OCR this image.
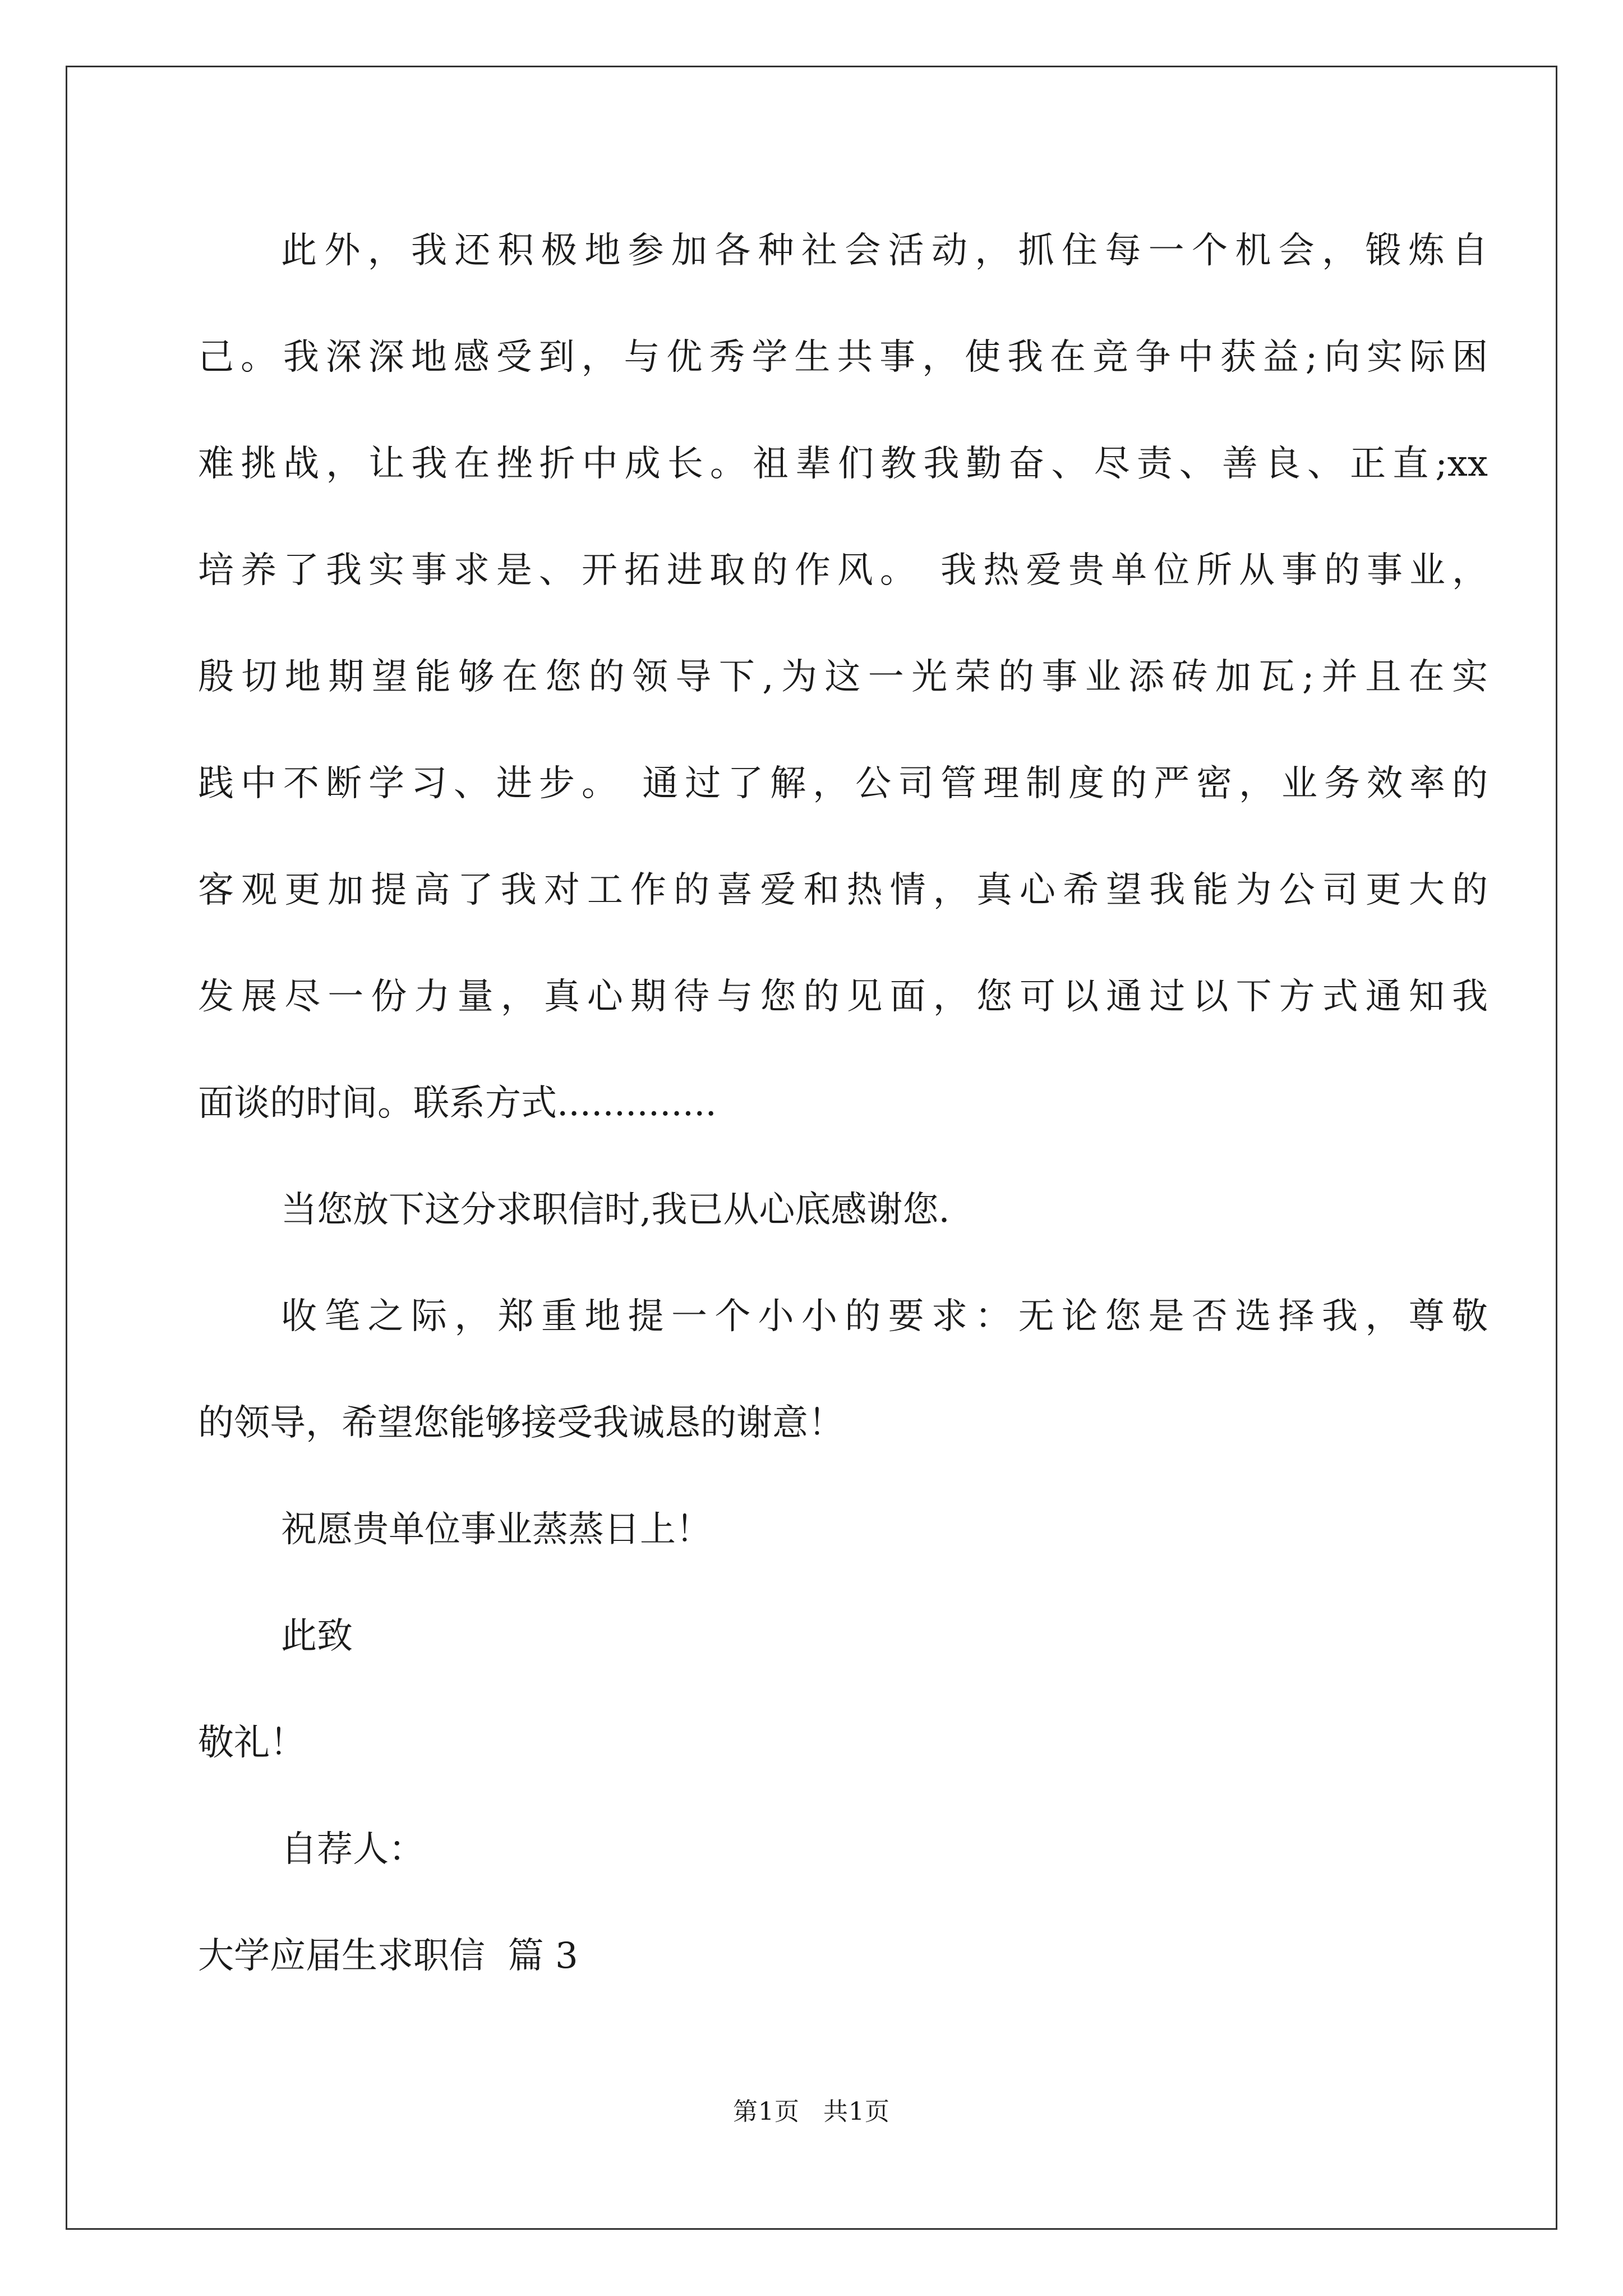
此外，我还积极地参加各种社会活动，抓住每一个机会，锻炼自
己。我深深地感受到，与优秀学生共事，使我在竞争中获益;向实际困
难挑战，让我在挫折中成长。祖辈们教我勤奋、尽责、善良、正直;xx
培养了我实事求是、开拓进取的作风。 我热爱贵单位所从事的事业，
殷切地期望能够在您的领导下,为这一光荣的事业添砖加瓦;并且在实
践中不断学习、进步。 通过了解，公司管理制度的严密，业务效率的
客观更加提高了我对工作的喜爱和热情，真心希望我能为公司更大的
发展尽一份力量，真心期待与您的见面，您可以通过以下方式通知我
面谈的时间。联系方式..............
当您放下这分求职信时,我已从心底感谢您.
收笔之际，郑重地提一个小小的要求：无论您是否选择我，尊敬
的领导，希望您能够接受我诚恳的谢意！
祝愿贵单位事业蒸蒸日上！
此致
敬礼！
自荐人：
大学应届生求职信  篇 3
第1页 共1页
